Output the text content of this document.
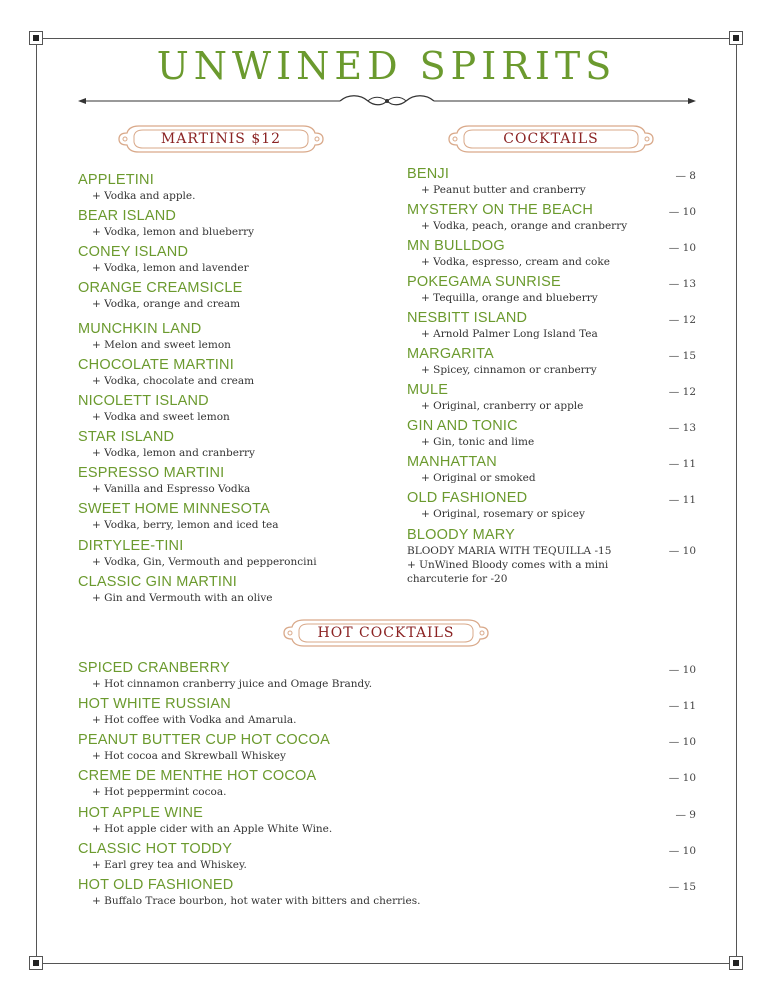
UNWINED SPIRITS
MARTINIS $12	COCKTAILS
HOT COCKTAILS
APPLETINI
+ Vodka and apple.
BEAR ISLAND
+ Vodka, lemon and blueberry
CONEY ISLAND
+ Vodka, lemon and lavender
ORANGE CREAMSICLE
+ Vodka, orange and cream
MUNCHKIN LAND
+ Melon and sweet lemon
CHOCOLATE MARTINI
+ Vodka, chocolate and cream
NICOLETT ISLAND
+ Vodka and sweet lemon
STAR ISLAND
+ Vodka, lemon and cranberry
ESPRESSO MARTINI
+ Vanilla and Espresso Vodka
SWEET HOME MINNESOTA
+ Vodka, berry, lemon and iced tea
DIRTYLEE-TINI
+ Vodka, Gin, Vermouth and pepperoncini
CLASSIC GIN MARTINI
+ Gin and Vermouth with an olive
BENJI
+ Peanut butter and cranberry
— 8
MYSTERY ON THE BEACH
+ Vodka, peach, orange and cranberry
— 10
MN BULLDOG
+ Vodka, espresso, cream and coke
— 10
POKEGAMA SUNRISE
+ Tequilla, orange and blueberry
— 13
NESBITT ISLAND
+ Arnold Palmer Long Island Tea
— 12
MARGARITA
+ Spicey, cinnamon or cranberry
— 15
MULE
+ Original, cranberry or apple
— 12
GIN AND TONIC
+ Gin, tonic and lime
— 13
MANHATTAN
+ Original or smoked
— 11
OLD FASHIONED
+ Original, rosemary or spicey
— 11
BLOODY MARY
BLOODY MARIA WITH TEQUILLA -15
+ UnWined Bloody comes with a mini
charcuterie for -20
— 10
SPICED CRANBERRY
+ Hot cinnamon cranberry juice and Omage Brandy.
— 10
HOT WHITE RUSSIAN
+ Hot coffee with Vodka and Amarula.
— 11
PEANUT BUTTER CUP HOT COCOA
+ Hot cocoa and Skrewball Whiskey
— 10
CREME DE MENTHE HOT COCOA
+ Hot peppermint cocoa.
— 10
HOT APPLE WINE
+ Hot apple cider with an Apple White Wine.
— 9
CLASSIC HOT TODDY
+ Earl grey tea and Whiskey.
— 10
HOT OLD FASHIONED
+ Buffalo Trace bourbon, hot water with bitters and cherries.
— 15
